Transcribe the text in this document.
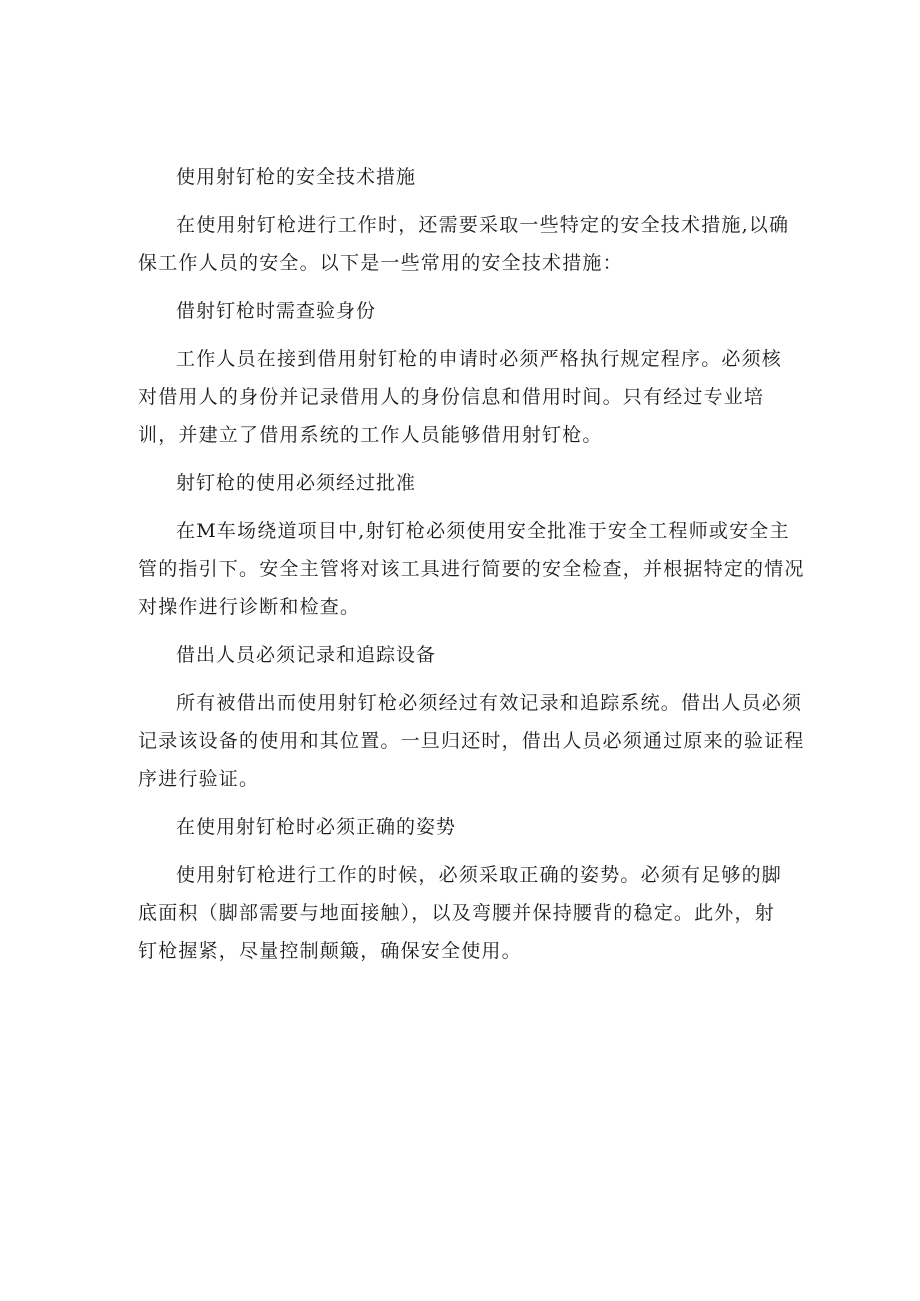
使用射钉枪的安全技术措施
在使用射钉枪进行工作时，还需要采取一些特定的安全技术措施,以确
保工作人员的安全。以下是一些常用的安全技术措施：
借射钉枪时需查验身份
工作人员在接到借用射钉枪的申请时必须严格执行规定程序。必须核
对借用人的身份并记录借用人的身份信息和借用时间。只有经过专业培
训，并建立了借用系统的工作人员能够借用射钉枪。
射钉枪的使用必须经过批准
在M车场绕道项目中,射钉枪必须使用安全批准于安全工程师或安全主
管的指引下。安全主管将对该工具进行简要的安全检查，并根据特定的情况
对操作进行诊断和检查。
借出人员必须记录和追踪设备
所有被借出而使用射钉枪必须经过有效记录和追踪系统。借出人员必须
记录该设备的使用和其位置。一旦归还时，借出人员必须通过原来的验证程
序进行验证。
在使用射钉枪时必须正确的姿势
使用射钉枪进行工作的时候，必须采取正确的姿势。必须有足够的脚
底面积（脚部需要与地面接触），以及弯腰并保持腰背的稳定。此外，射
钉枪握紧，尽量控制颠簸，确保安全使用。
